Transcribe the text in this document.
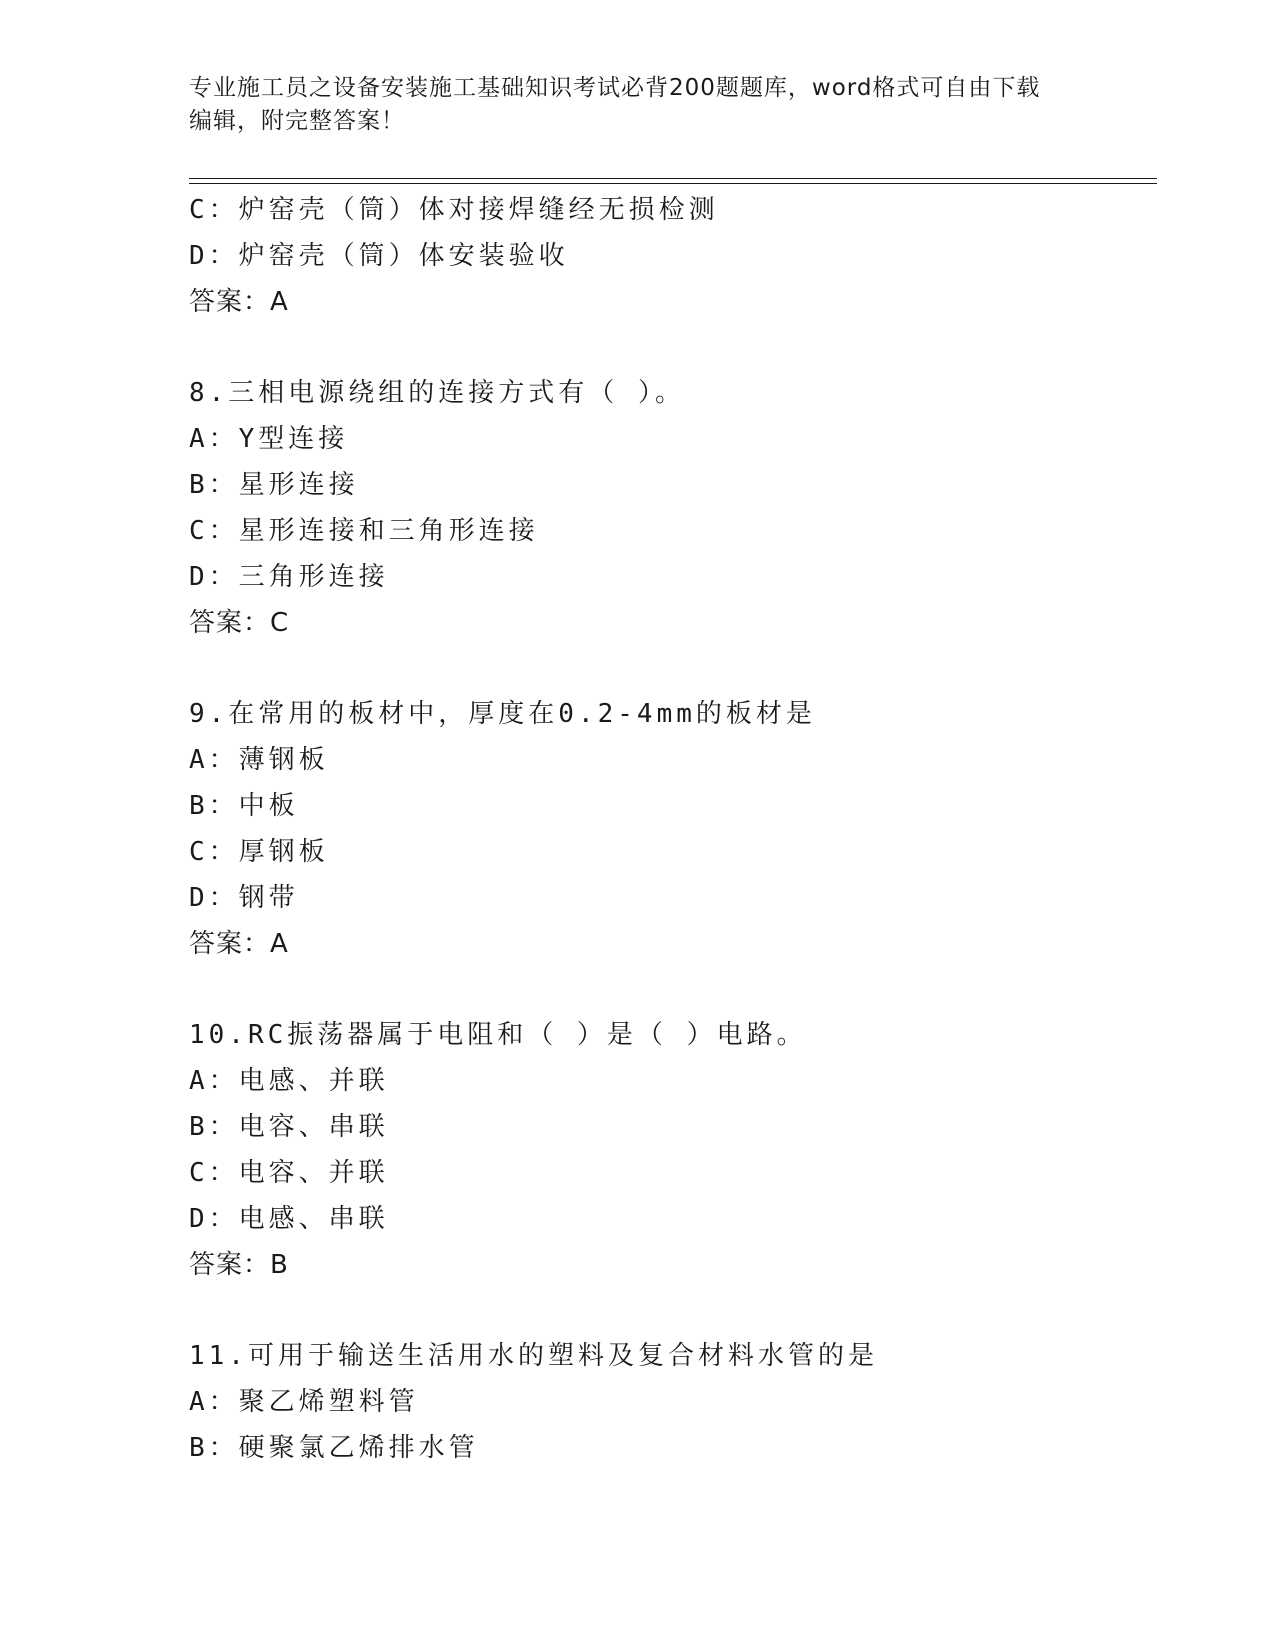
专业施工员之设备安装施工基础知识考试必背200题题库，word格式可自由下载
编辑，附完整答案！
C：炉窑壳（筒）体对接焊缝经无损检测
D：炉窑壳（筒）体安装验收
答案：A
8.三相电源绕组的连接方式有（ ）。
A：Y型连接
B：星形连接
C：星形连接和三角形连接
D：三角形连接
答案：C
9.在常用的板材中，厚度在0.2-4mm的板材是
A：薄钢板
B：中板
C：厚钢板
D：钢带
答案：A
10.RC振荡器属于电阻和（ ）是（ ）电路。
A：电感、并联
B：电容、串联
C：电容、并联
D：电感、串联
答案：B
11.可用于输送生活用水的塑料及复合材料水管的是
A：聚乙烯塑料管
B：硬聚氯乙烯排水管
